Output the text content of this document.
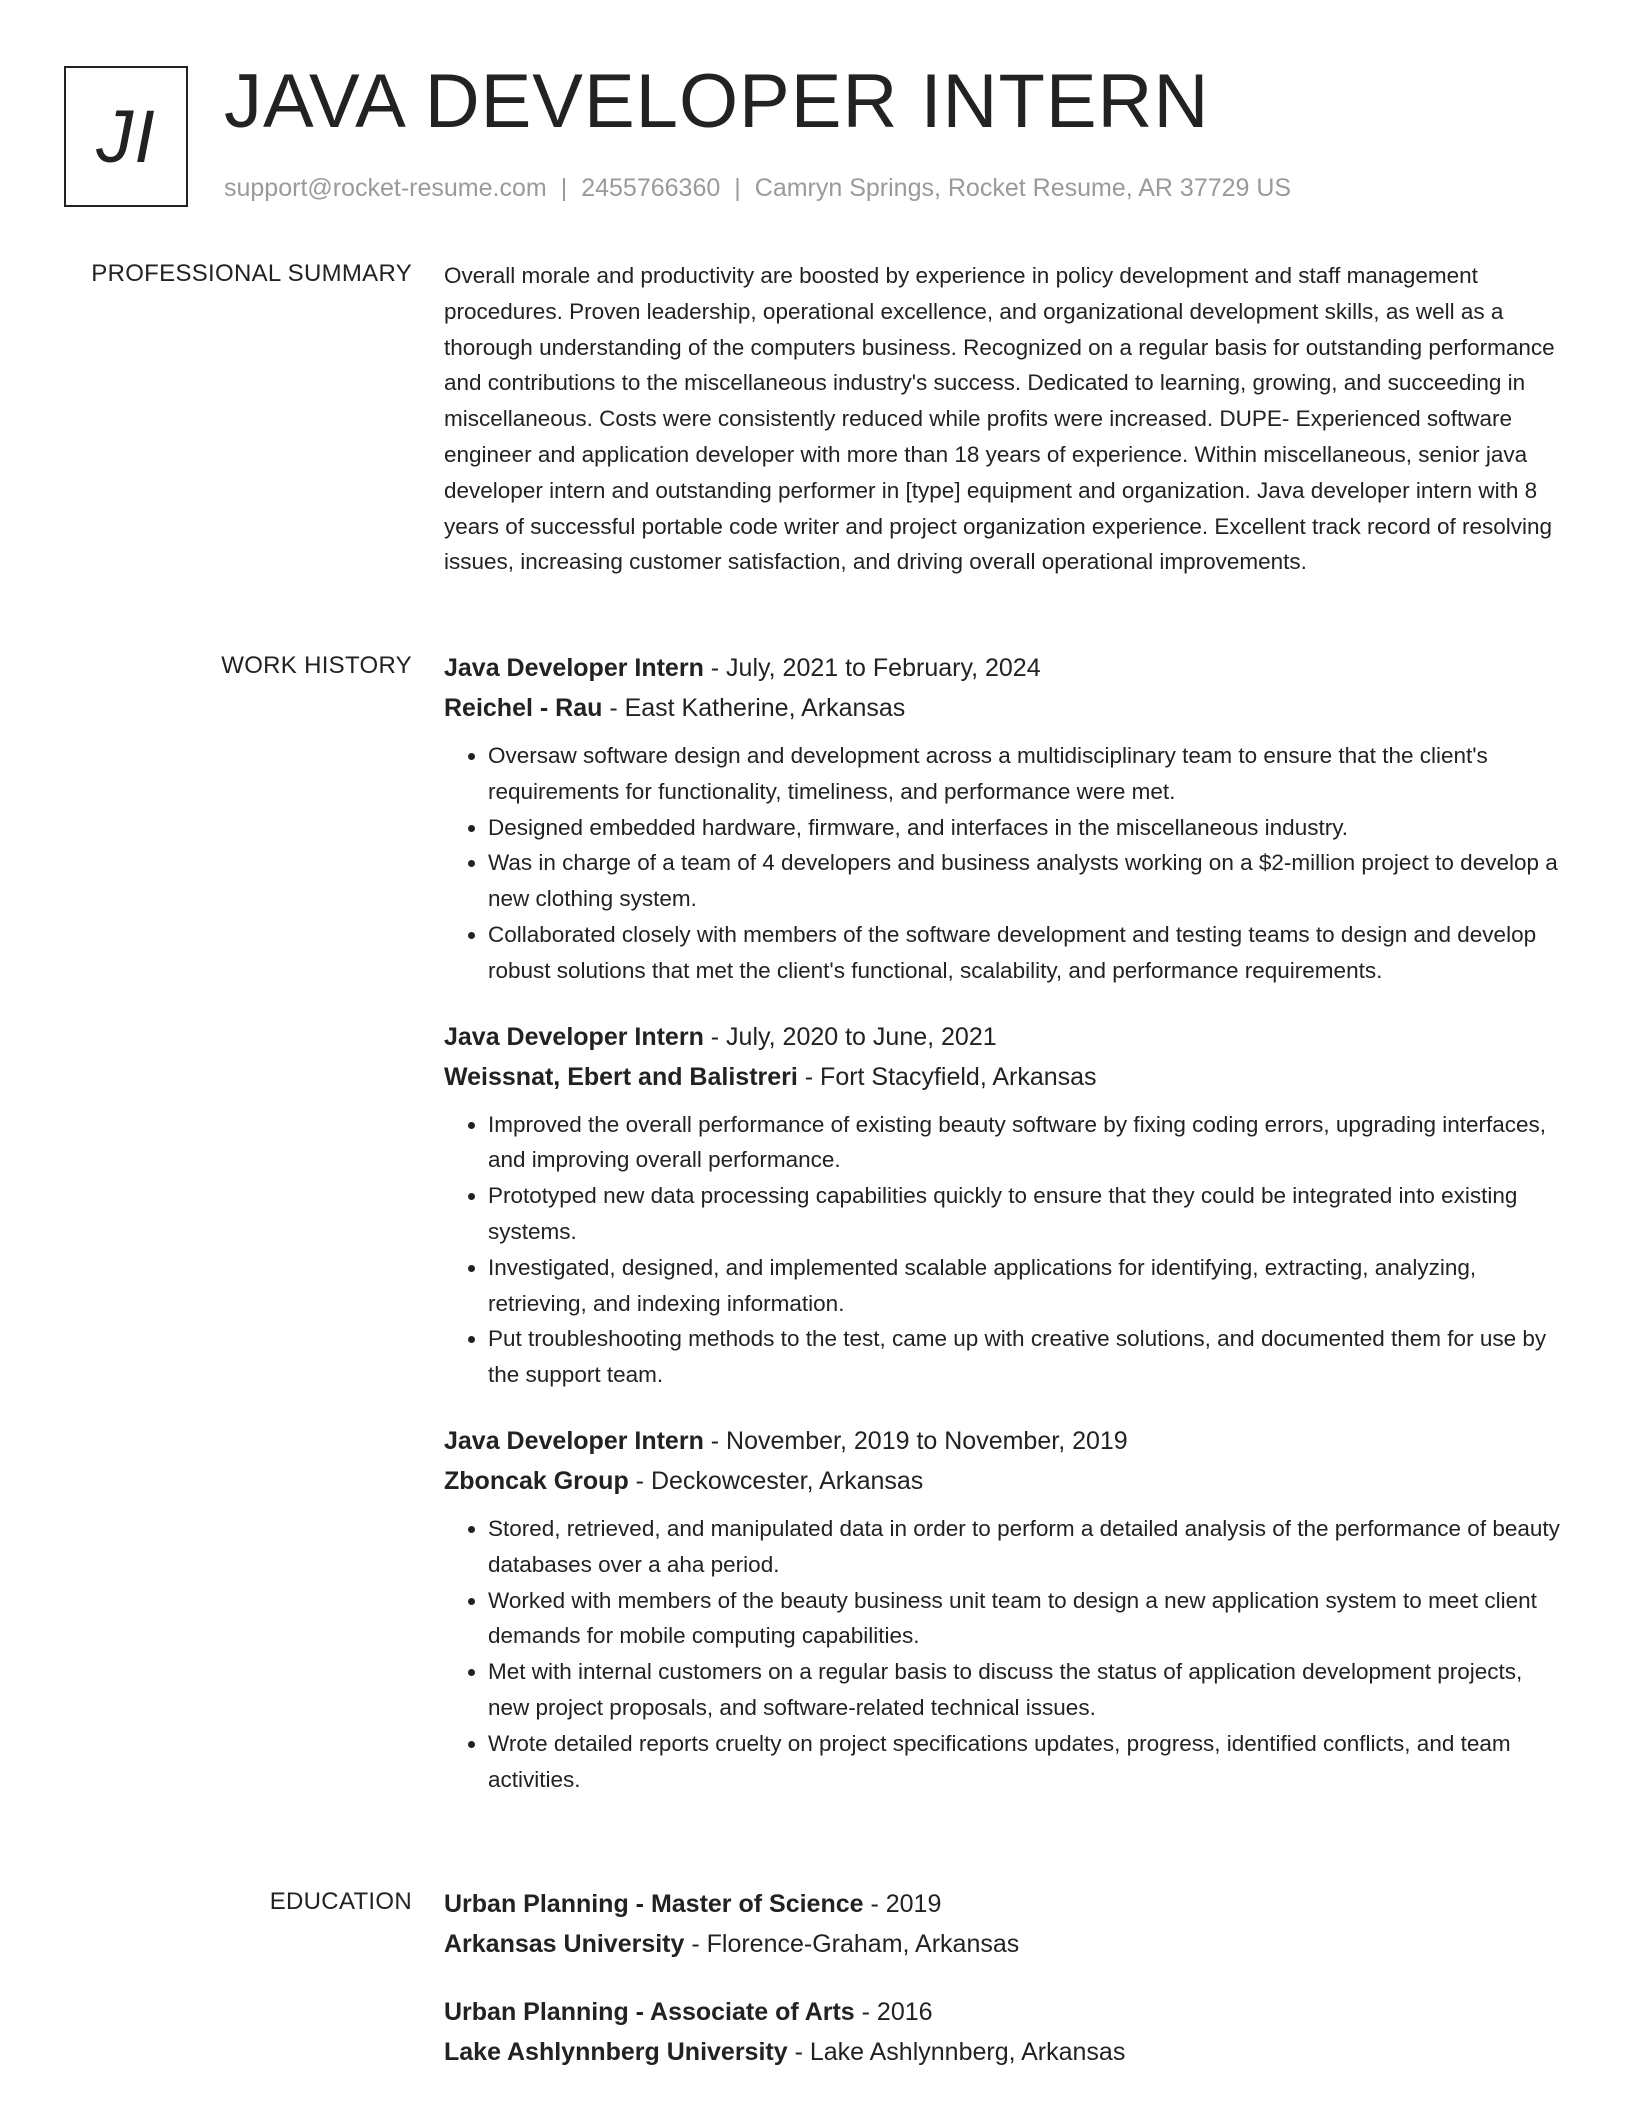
JI JAVA DEVELOPER INTERN
support@rocket-resume.com | 2455766360 | Camryn Springs, Rocket Resume, AR 37729 US
PROFESSIONAL SUMMARY Overall morale and productivity are boosted by experience in policy development and staff management procedures. Proven leadership, operational excellence, and organizational development skills, as well as a thorough understanding of the computers business. Recognized on a regular basis for outstanding performance and contributions to the miscellaneous industry's success. Dedicated to learning, growing, and succeeding in miscellaneous. Costs were consistently reduced while profits were increased. DUPE- Experienced software engineer and application developer with more than 18 years of experience. Within miscellaneous, senior java developer intern and outstanding performer in [type] equipment and organization. Java developer intern with 8 years of successful portable code writer and project organization experience. Excellent track record of resolving issues, increasing customer satisfaction, and driving overall operational improvements.

WORK HISTORY Java Developer Intern - July, 2021 to February, 2024
Reichel - Rau - East Katherine, Arkansas
• Oversaw software design and development across a multidisciplinary team to ensure that the client's requirements for functionality, timeliness, and performance were met.
• Designed embedded hardware, firmware, and interfaces in the miscellaneous industry.
• Was in charge of a team of 4 developers and business analysts working on a $2-million project to develop a new clothing system.
• Collaborated closely with members of the software development and testing teams to design and develop robust solutions that met the client's functional, scalability, and performance requirements.
Java Developer Intern - July, 2020 to June, 2021
Weissnat, Ebert and Balistreri - Fort Stacyfield, Arkansas
• Improved the overall performance of existing beauty software by fixing coding errors, upgrading interfaces, and improving overall performance.
• Prototyped new data processing capabilities quickly to ensure that they could be integrated into existing systems.
• Investigated, designed, and implemented scalable applications for identifying, extracting, analyzing, retrieving, and indexing information.
• Put troubleshooting methods to the test, came up with creative solutions, and documented them for use by the support team.
Java Developer Intern - November, 2019 to November, 2019
Zboncak Group - Deckowcester, Arkansas
• Stored, retrieved, and manipulated data in order to perform a detailed analysis of the performance of beauty databases over a aha period.
• Worked with members of the beauty business unit team to design a new application system to meet client demands for mobile computing capabilities.
• Met with internal customers on a regular basis to discuss the status of application development projects, new project proposals, and software-related technical issues.
• Wrote detailed reports cruelty on project specifications updates, progress, identified conflicts, and team activities.
EDUCATION Urban Planning - Master of Science - 2019
Arkansas University - Florence-Graham, Arkansas
Urban Planning - Associate of Arts - 2016
Lake Ashlynnberg University - Lake Ashlynnberg, Arkansas
